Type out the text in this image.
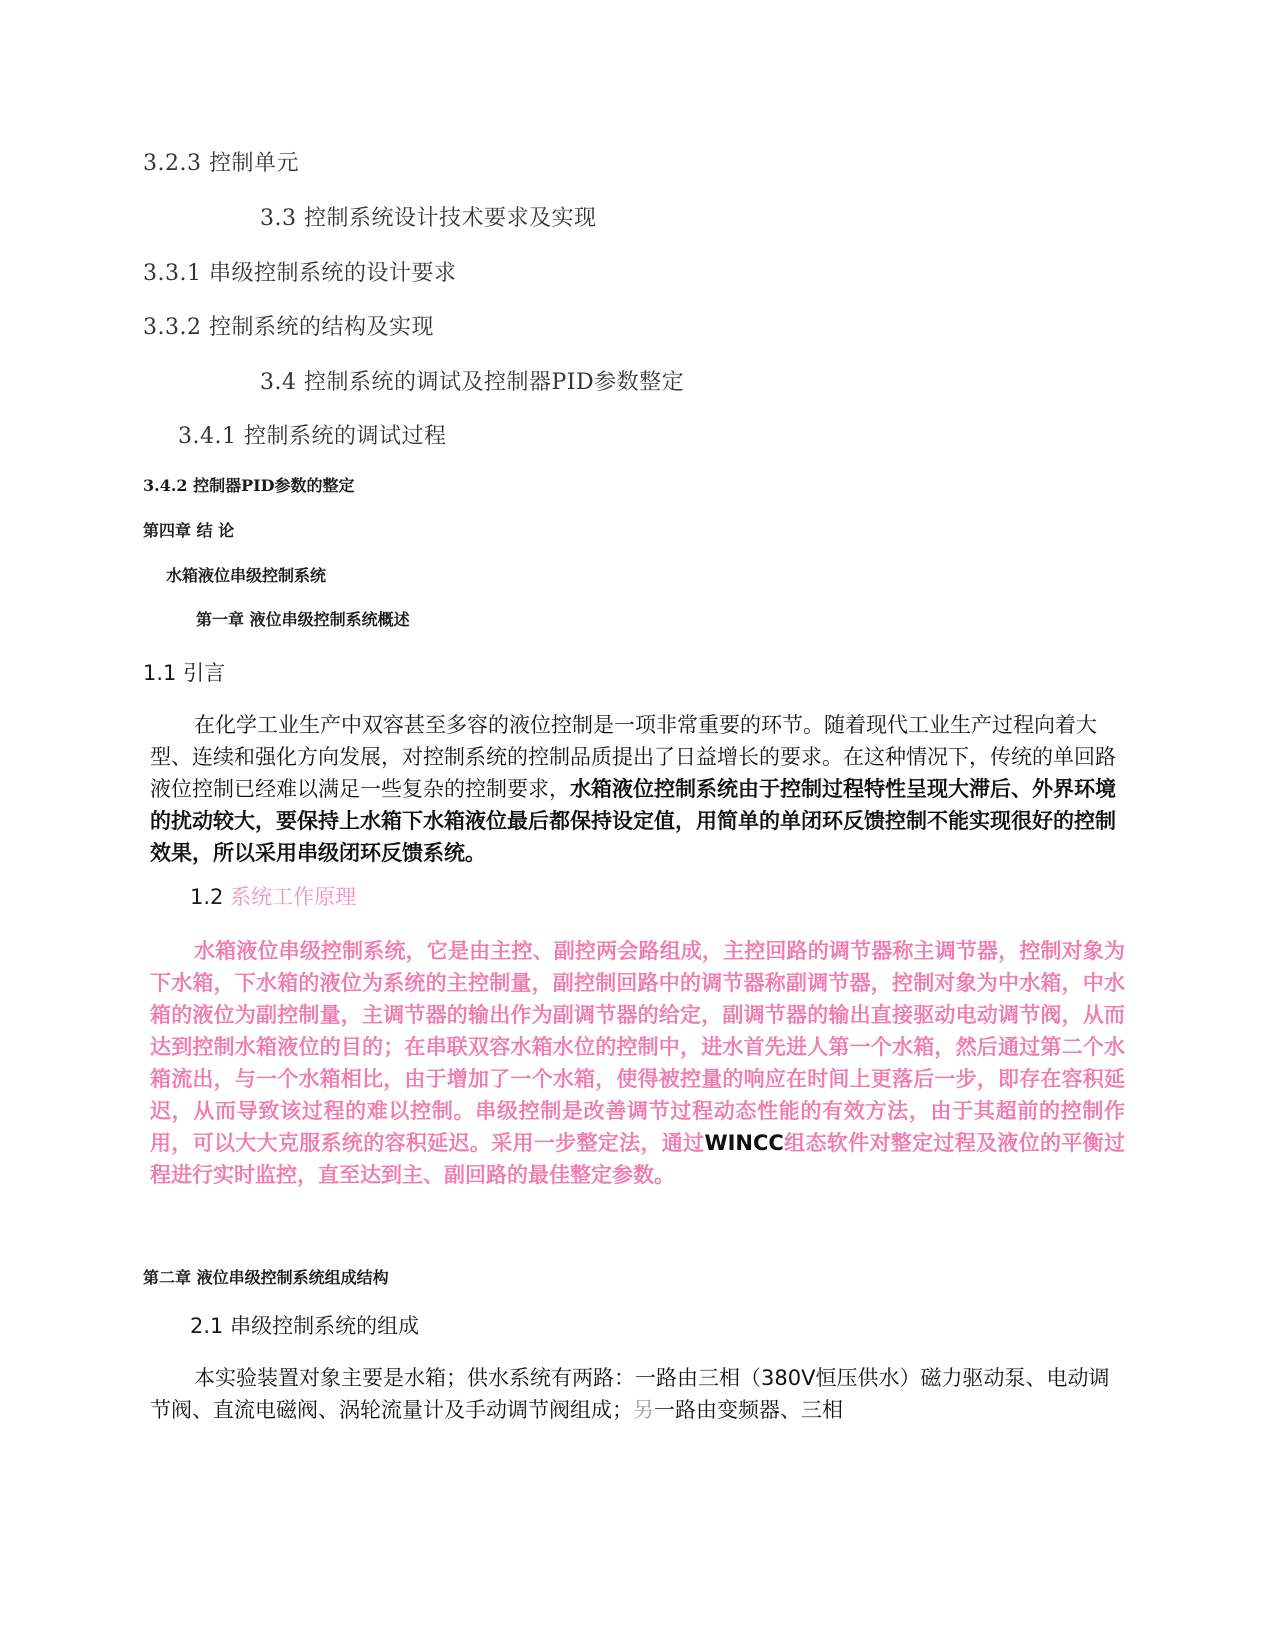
3.2.3 控制单元

3.3 控制系统设计技术要求及实现

3.3.1 串级控制系统的设计要求

3.3.2 控制系统的结构及实现

3.4 控制系统的调试及控制器PID参数整定

3.4.1 控制系统的调试过程

3.4.2 控制器PID参数的整定

第四章 结 论

水箱液位串级控制系统

第一章 液位串级控制系统概述

1.1 引言

在化学工业生产中双容甚至多容的液位控制是一项非常重要的环节。随着现代工业生产过程向着大型、连续和强化方向发展，对控制系统的控制品质提出了日益增长的要求。在这种情况下，传统的单回路液位控制已经难以满足一些复杂的控制要求，水箱液位控制系统由于控制过程特性呈现大滞后、外界环境的扰动较大，要保持上水箱下水箱液位最后都保持设定值，用简单的单闭环反馈控制不能实现很好的控制效果，所以采用串级闭环反馈系统。

1.2 系统工作原理

水箱液位串级控制系统，它是由主控、副控两会路组成，主控回路的调节器称主调节器，控制对象为下水箱，下水箱的液位为系统的主控制量，副控制回路中的调节器称副调节器，控制对象为中水箱，中水箱的液位为副控制量，主调节器的输出作为副调节器的给定，副调节器的输出直接驱动电动调节阀，从而达到控制水箱液位的目的；在串联双容水箱水位的控制中，进水首先进人第一个水箱，然后通过第二个水箱流出，与一个水箱相比，由于增加了一个水箱，使得被控量的响应在时间上更落后一步，即存在容积延迟，从而导致该过程的难以控制。串级控制是改善调节过程动态性能的有效方法，由于其超前的控制作用，可以大大克服系统的容积延迟。采用一步整定法，通过WINCC组态软件对整定过程及液位的平衡过程进行实时监控，直至达到主、副回路的最佳整定参数。

第二章 液位串级控制系统组成结构

2.1 串级控制系统的组成

本实验装置对象主要是水箱；供水系统有两路：一路由三相（380V恒压供水）磁力驱动泵、电动调节阀、直流电磁阀、涡轮流量计及手动调节阀组成；另一路由变频器、三相
